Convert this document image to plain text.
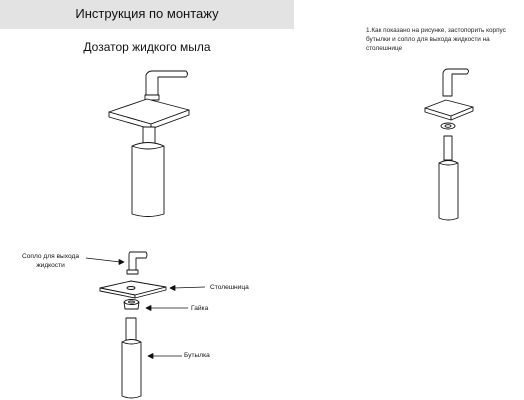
Инструкция по монтажу
Дозатор жидкого мыла
1.Как показано на рисунке, застопорить корпус бутылки и сопло для выхода жидкости на столешнице
Сопло для выхода
жидкости
Столешница
Гайка
Бутылка
